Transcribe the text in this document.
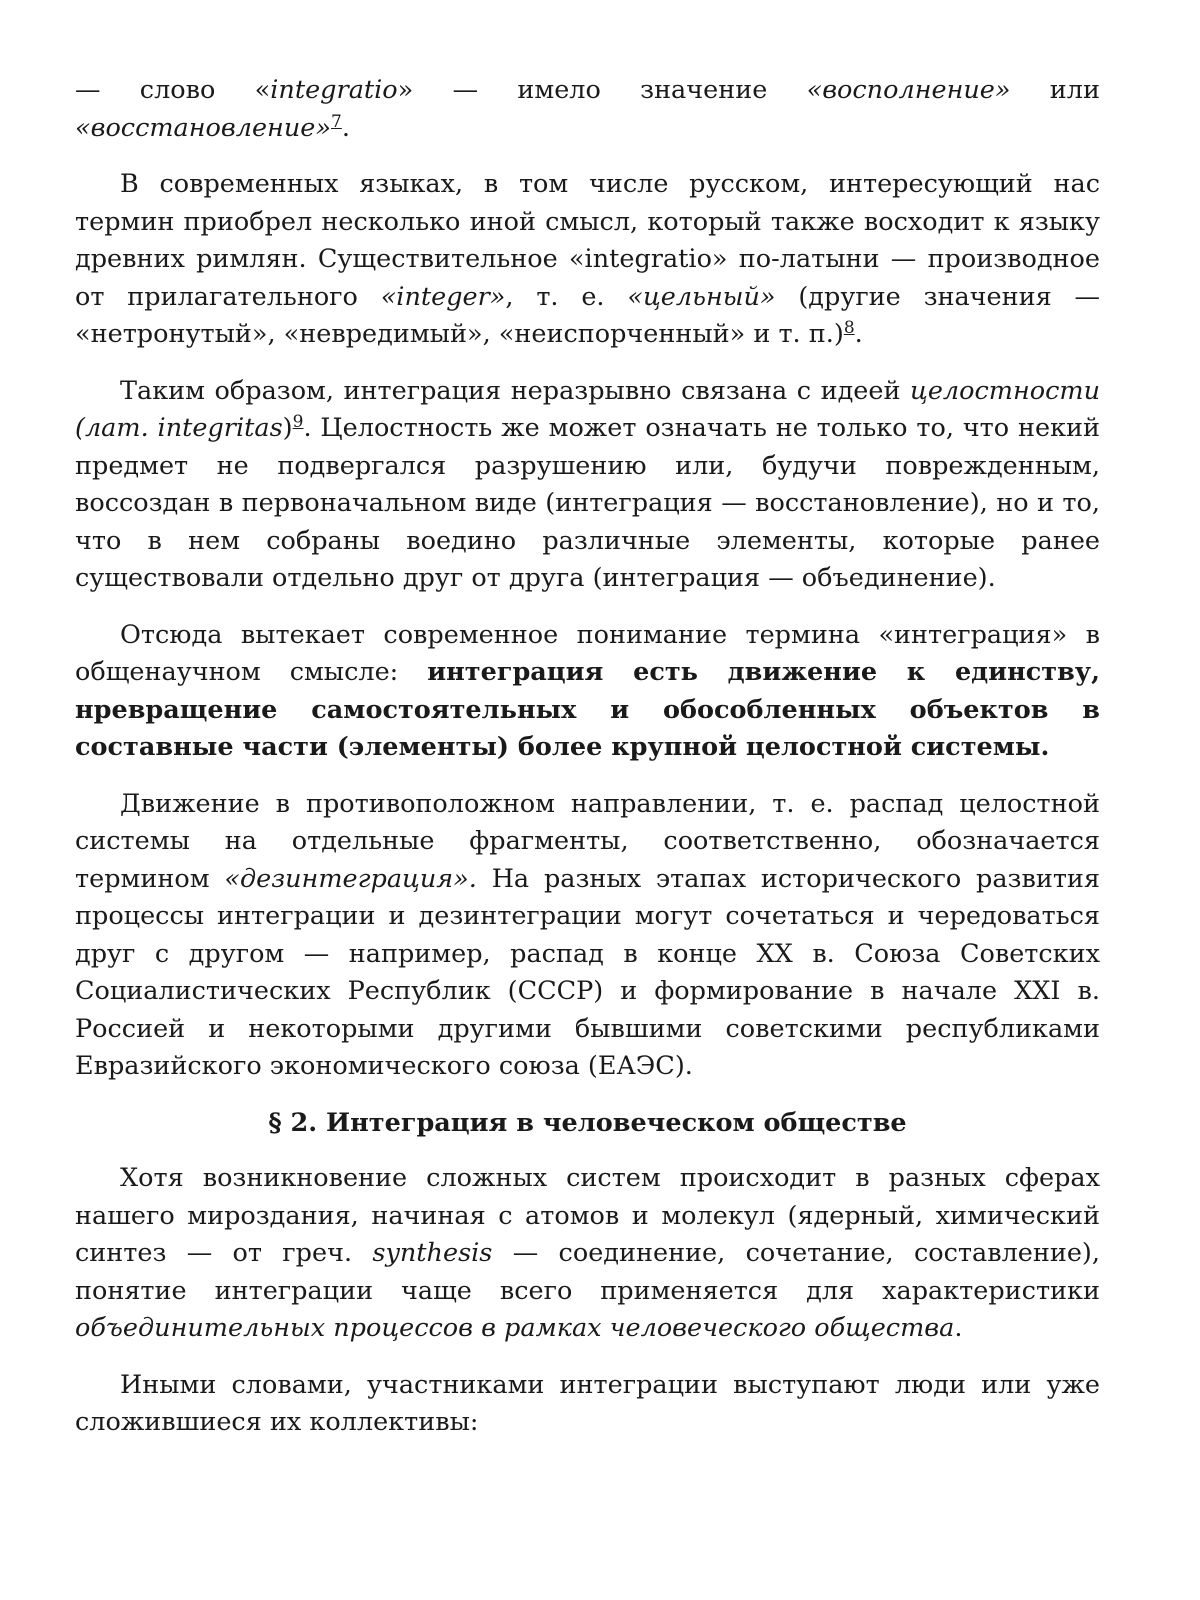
— слово «integratio» — имело значение «восполнение» или «восстановление»$^7$.

В современных языках, в том числе русском, интересующий нас термин приобрел несколько иной смысл, который также восходит к языку древних римлян. Существительное «integratio» по-латыни — производное от прилагательного «integer», т. е. «цельный» (другие значения — «нетронутый», «невредимый», «неиспорченный» и т. п.)$^8$.

Таким образом, интеграция неразрывно связана с идеей целостности (лат. integritas)$^9$. Целостность же может означать не только то, что некий предмет не подвергался разрушению или, будучи поврежденным, воссоздан в первоначальном виде (интеграция — восстановление), но и то, что в нем собраны воедино различные элементы, которые ранее существовали отдельно друг от друга (интеграция — объединение).

Отсюда вытекает современное понимание термина «интеграция» в общенаучном смысле: интеграция есть движение к единству, нревращение самостоятельных и обособленных объектов в составные части (элементы) более крупной целостной системы.

Движение в противоположном направлении, т. е. распад целостной системы на отдельные фрагменты, соответственно, обозначается термином «дезинтеграция». На разных этапах исторического развития процессы интеграции и дезинтеграции могут сочетаться и чередоваться друг с другом — например, распад в конце XX в. Союза Советских Социалистических Республик (СССР) и формирование в начале XXI в. Россией и некоторыми другими бывшими советскими республиками Евразийского экономического союза (ЕАЭС).

§ 2. Интеграция в человеческом обществе

Хотя возникновение сложных систем происходит в разных сферах нашего мироздания, начиная с атомов и молекул (ядерный, химический синтез — от греч. synthesis — соединение, сочетание, составление), понятие интеграции чаще всего применяется для характеристики объединительных процессов в рамках человеческого общества.

Иными словами, участниками интеграции выступают люди или уже сложившиеся их коллективы:
